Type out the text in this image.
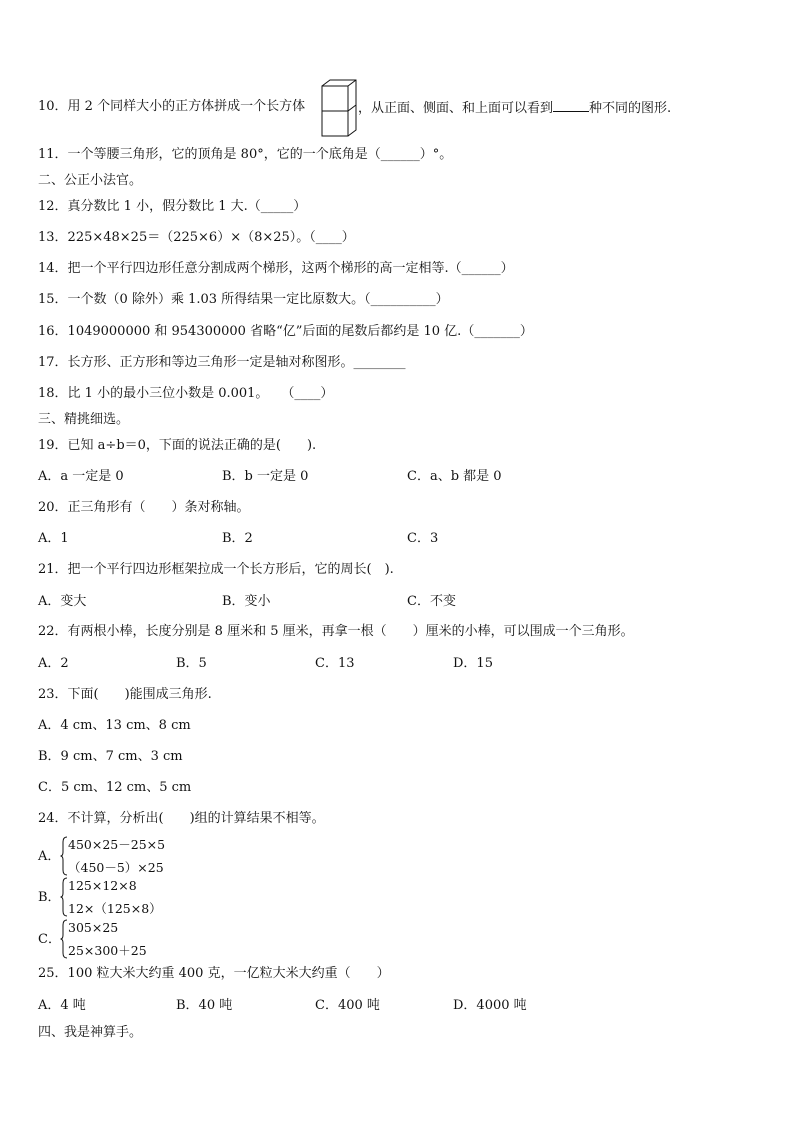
10．用 2 个同样大小的正方体拼成一个长方体	，从正面、侧面、和上面可以看到	种不同的图形.
11．一个等腰三角形，它的顶角是 80°，它的一个底角是（______）°。
二、公正小法官。
12．真分数比 1 小，假分数比 1 大.（_____）
13．225×48×25＝（225×6）×（8×25）。（____）
14．把一个平行四边形任意分割成两个梯形，这两个梯形的高一定相等.（______）
15．一个数（0 除外）乘 1.03 所得结果一定比原数大。（__________）
16．1049000000 和 954300000 省略“亿”后面的尾数后都约是 10 亿.（_______）
17．长方形、正方形和等边三角形一定是轴对称图形。________
18．比 1 小的最小三位小数是 0.001。　　（____）
三、精挑细选。
19．已知 a÷b＝0，下面的说法正确的是(　　).
A．a 一定是 0	B．b 一定是 0	C．a、b 都是 0
20．正三角形有（　　）条对称轴。
A．1	B．2	C．3
21．把一个平行四边形框架拉成一个长方形后，它的周长(　).
A．变大	B．变小	C．不变
22．有两根小棒，长度分别是 8 厘米和 5 厘米，再拿一根（　　）厘米的小棒，可以围成一个三角形。
A．2	B．5	C．13	D．15
23．下面(　　)能围成三角形.
A．4 cm、13 cm、8 cm
B．9 cm、7 cm、3 cm
C．5 cm、12 cm、5 cm
24．不计算，分析出(　　)组的计算结果不相等。
A．
450×25－25×5
（450－5）×25
B．
125×12×8
12×（125×8）
C．
305×25
25×300＋25
25．100 粒大米大约重 400 克，一亿粒大米大约重（　　）
A．4 吨	B．40 吨	C．400 吨	D．4000 吨
四、我是神算手。
